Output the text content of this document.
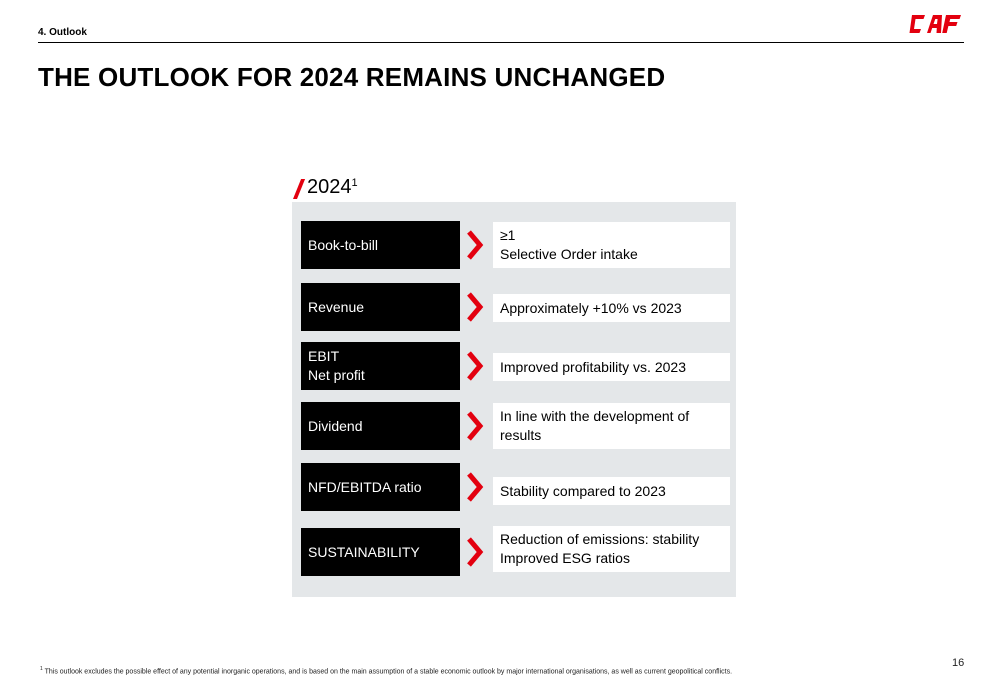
4. Outlook
THE OUTLOOK FOR 2024 REMAINS UNCHANGED
2024$^1$
Book-to-bill
≥1
Selective Order intake
Revenue	Approximately +10% vs 2023
EBIT
Net profit
Improved profitability vs. 2023
Dividend
In line with the development of
results
NFD/EBITDA ratio	Stability compared to 2023
SUSTAINABILITY
Reduction of emissions: stability
Improved ESG ratios
$^1$ This outlook excludes the possible effect of any potential inorganic operations, and is based on the main assumption of a stable economic outlook by major international organisations, as well as current geopolitical conflicts.
16
